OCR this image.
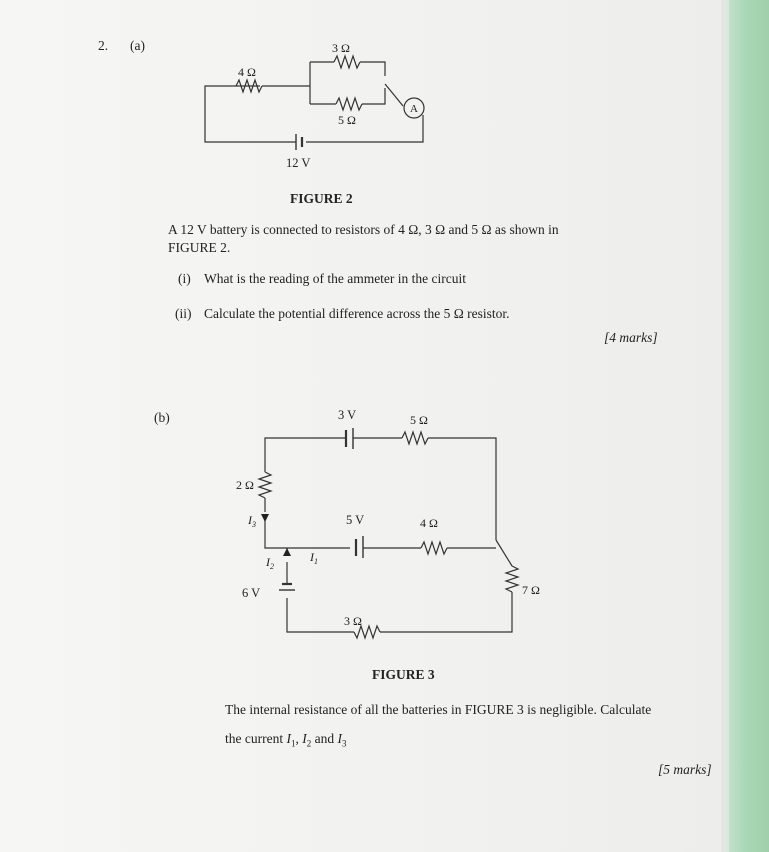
2. (a)
4 Ω
3 Ω
5 Ω
A
12 V
FIGURE 2
A 12 V battery is connected to resistors of 4 Ω, 3 Ω and 5 Ω as shown in
FIGURE 2.
(i) What is the reading of the ammeter in the circuit
(ii) Calculate the potential difference across the 5 Ω resistor.
[4 marks]
(b)	3 V	5 Ω
2 Ω
$I_3$	5 V	4 Ω
$I_2$
$I_1$
6 V	7 Ω
3 Ω
FIGURE 3
The internal resistance of all the batteries in FIGURE 3 is negligible. Calculate
the current $I_1$, $I_2$ and $I_3$
[5 marks]
